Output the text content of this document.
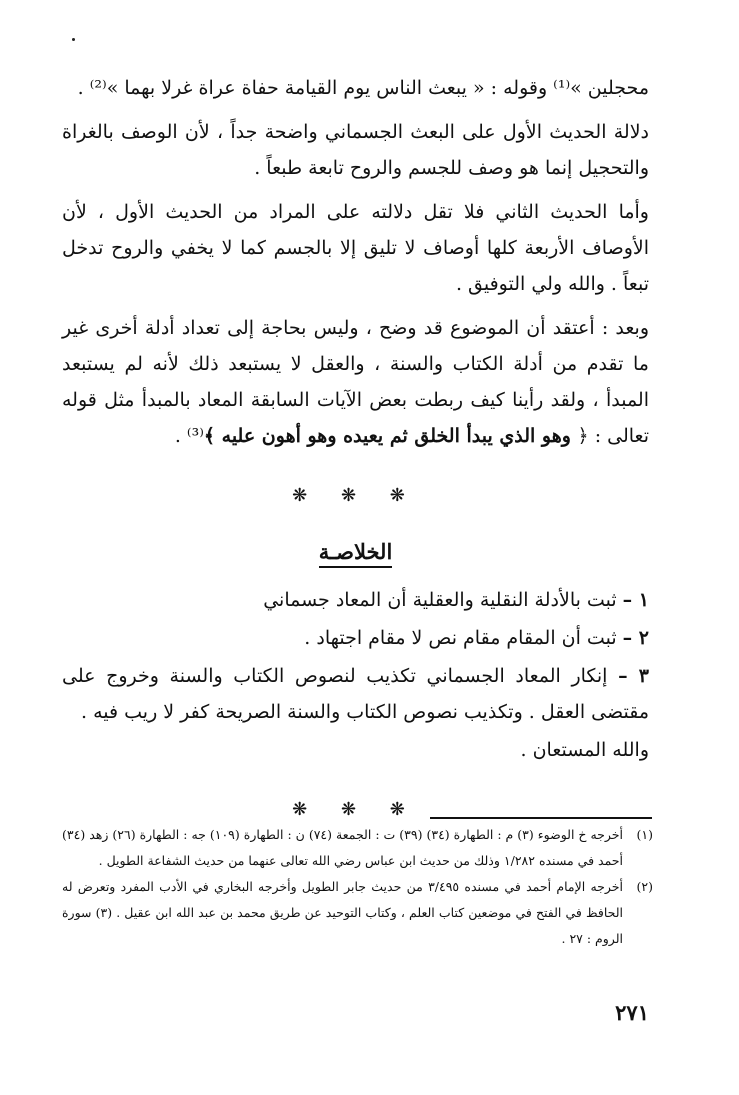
محجلين »⁽¹⁾ وقوله : « يبعث الناس يوم القيامة حفاة عراة غرلا بهما »⁽²⁾ .

دلالة الحديث الأول على البعث الجسماني واضحة جداً ، لأن الوصف بالغراة والتحجيل إنما هو وصف للجسم والروح تابعة طبعاً .

وأما الحديث الثاني فلا تقل دلالته على المراد من الحديث الأول ، لأن الأوصاف الأربعة كلها أوصاف لا تليق إلا بالجسم كما لا يخفي والروح تدخل تبعاً . والله ولي التوفيق .

وبعد : أعتقد أن الموضوع قد وضح ، وليس بحاجة إلى تعداد أدلة أخرى غير ما تقدم من أدلة الكتاب والسنة ، والعقل لا يستبعد ذلك لأنه لم يستبعد المبدأ ، ولقد رأينا كيف ربطت بعض الآيات السابقة المعاد بالمبدأ مثل قوله تعالى : ﴿ وهو الذي يبدأ الخلق ثم يعيده وهو أهون عليه ﴾⁽³⁾ .

❋ ❋ ❋
الخلاصـة

١ – ثبت بالأدلة النقلية والعقلية أن المعاد جسماني

٢ – ثبت أن المقام مقام نص لا مقام اجتهاد .

٣ – إنكار المعاد الجسماني تكذيب لنصوص الكتاب والسنة وخروج على مقتضى العقل . وتكذيب نصوص الكتاب والسنة الصريحة كفر لا ريب فيه .

والله المستعان .

❋ ❋ ❋
(١)
أخرجه خ الوضوء (٣) م : الطهارة (٣٤) (٣٩) ت : الجمعة (٧٤) ن : الطهارة (١٠٩) جه : الطهارة (٢٦) زهد (٣٤) أحمد في مسنده ١/٢٨٢ وذلك من حديث ابن عباس رضي الله تعالى عنهما من حديث الشفاعة الطويل .
(٢)
أخرجه الإمام أحمد في مسنده ٣/٤٩٥ من حديث جابر الطويل وأخرجه البخاري في الأدب المفرد وتعرض له الحافظ في الفتح في موضعين كتاب العلم ، وكتاب التوحيد عن طريق محمد بن عبد الله ابن عقيل . (٣) سورة الروم : ٢٧ .
٢٧١
